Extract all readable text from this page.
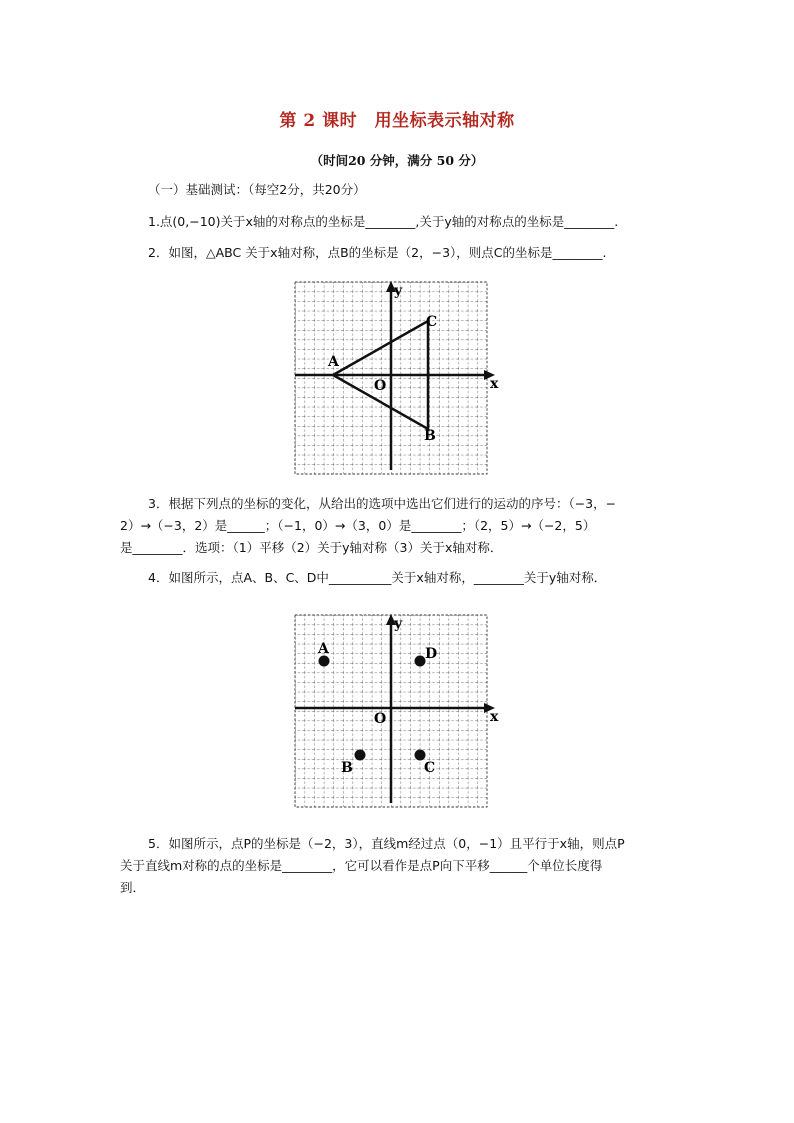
第 2 课时　用坐标表示轴对称
（时间20 分钟，满分 50 分）
（一）基础测试：（每空2分，共20分）
1.点(0,−10)关于x轴的对称点的坐标是________,关于y轴的对称点的坐标是________.
2．如图，△ABC 关于x轴对称，点B的坐标是（2，−3），则点C的坐标是________.
x
y
O
A
B
C
3．根据下列点的坐标的变化，从给出的选项中选出它们进行的运动的序号：（−3，−
2）→（−3，2）是______；（−1，0）→（3，0）是________；（2，5）→（−2，5）
是________．选项：（1）平移（2）关于y轴对称（3）关于x轴对称．
4．如图所示，点A、B、C、D中__________关于x轴对称，________关于y轴对称．
x
y
O
A	D
B	C
5．如图所示，点P的坐标是（−2，3），直线m经过点（0，−1）且平行于x轴，则点P
关于直线m对称的点的坐标是________，它可以看作是点P向下平移______个单位长度得
到．
